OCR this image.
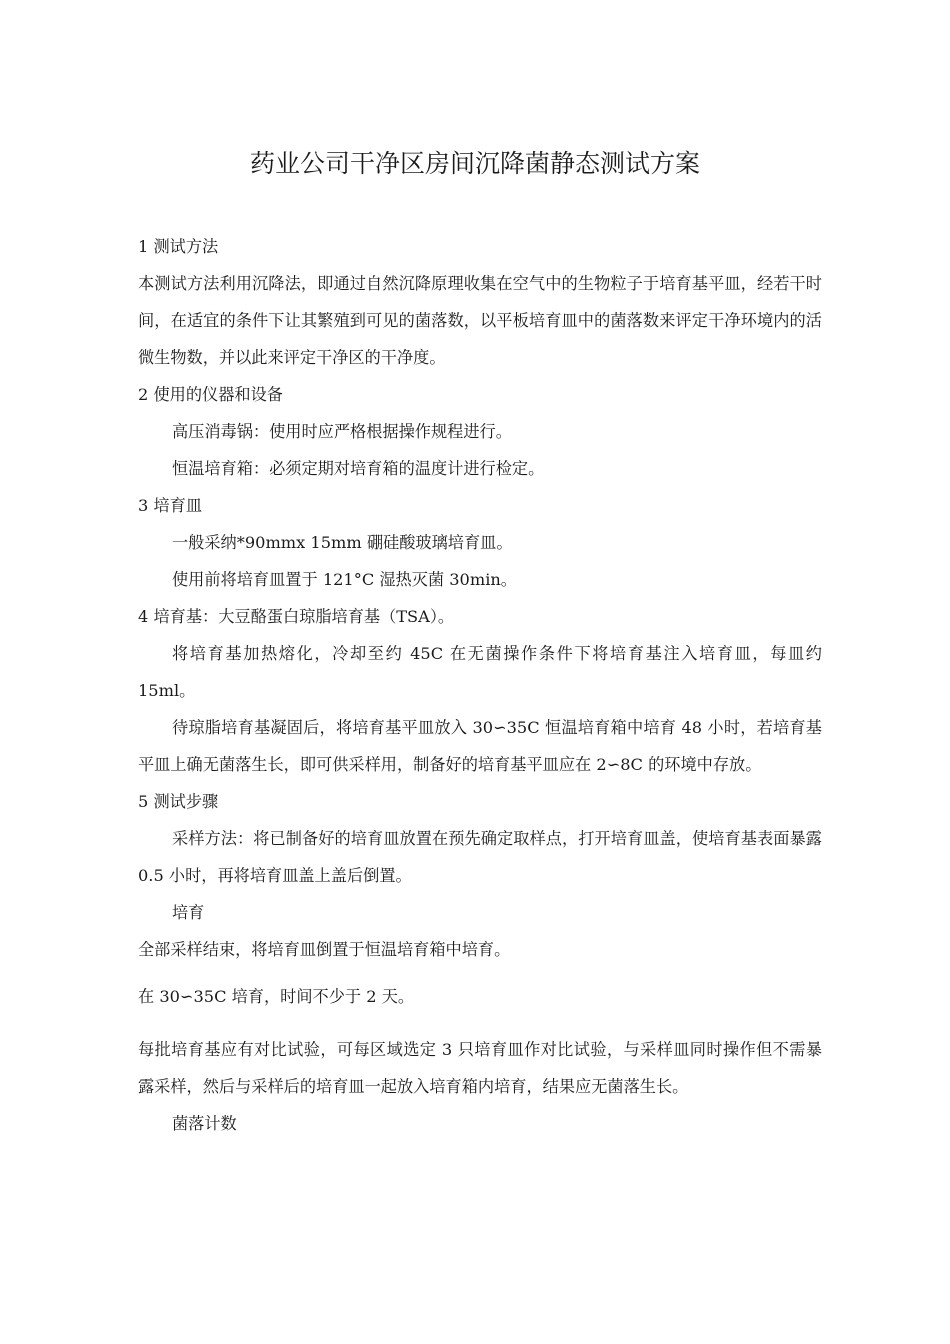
药业公司干净区房间沉降菌静态测试方案

1 测试方法

本测试方法利用沉降法，即通过自然沉降原理收集在空气中的生物粒子于培育基平皿，经若干时间，在适宜的条件下让其繁殖到可见的菌落数，以平板培育皿中的菌落数来评定干净环境内的活微生物数，并以此来评定干净区的干净度。

2 使用的仪器和设备

高压消毒锅：使用时应严格根据操作规程进行。

恒温培育箱：必须定期对培育箱的温度计进行检定。

3 培育皿

一般采纳*90mmx 15mm 硼硅酸玻璃培育皿。

使用前将培育皿置于 121°C 湿热灭菌 30min。

4 培育基：大豆酪蛋白琼脂培育基（TSA）。

将培育基加热熔化，冷却至约 45C 在无菌操作条件下将培育基注入培育皿，每皿约 15ml。

待琼脂培育基凝固后，将培育基平皿放入 30∽35C 恒温培育箱中培育 48 小时，若培育基平皿上确无菌落生长，即可供采样用，制备好的培育基平皿应在 2∽8C 的环境中存放。

5 测试步骤

采样方法：将已制备好的培育皿放置在预先确定取样点，打开培育皿盖，使培育基表面暴露 0.5 小时，再将培育皿盖上盖后倒置。

培育

全部采样结束，将培育皿倒置于恒温培育箱中培育。

在 30∽35C 培育，时间不少于 2 天。

每批培育基应有对比试验，可每区域选定 3 只培育皿作对比试验，与采样皿同时操作但不需暴露采样，然后与采样后的培育皿一起放入培育箱内培育，结果应无菌落生长。

菌落计数
